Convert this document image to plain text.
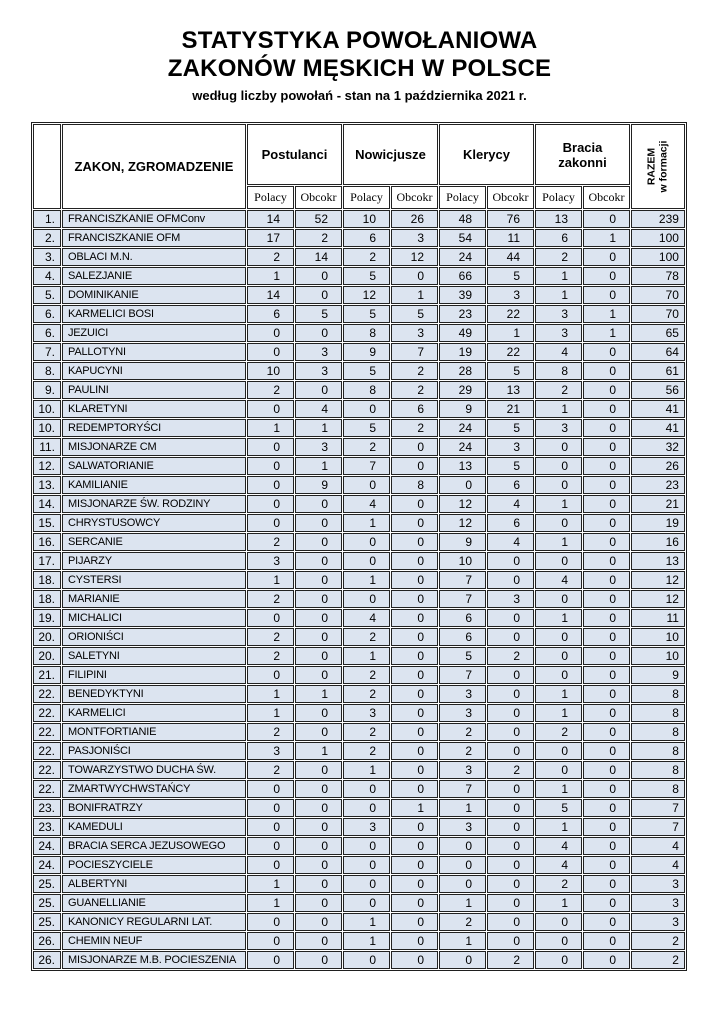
STATYSTYKA POWOŁANIOWA
ZAKONÓW MĘSKICH W POLSCE
według liczby powołań - stan na 1 października 2021 r.
	ZAKON, ZGROMADZENIE	Postulanci		Nowicjusze		Klerycy		Bracia zakonni		RAZEM w formacji

		Polacy	Obcokr	Polacy	Obcokr	Polacy	Obcokr	Polacy	Obcokr	
1.	FRANCISZKANIE OFMConv	14	52	10	26	48	76	13	0	239
2.	FRANCISZKANIE OFM	17	2	6	3	54	11	6	1	100
3.	OBLACI M.N.	2	14	2	12	24	44	2	0	100
4.	SALEZJANIE	1	0	5	0	66	5	1	0	78
5.	DOMINIKANIE	14	0	12	1	39	3	1	0	70
6.	KARMELICI BOSI	6	5	5	5	23	22	3	1	70
6.	JEZUICI	0	0	8	3	49	1	3	1	65
7.	PALLOTYNI	0	3	9	7	19	22	4	0	64
8.	KAPUCYNI	10	3	5	2	28	5	8	0	61
9.	PAULINI	2	0	8	2	29	13	2	0	56
10.	KLARETYNI	0	4	0	6	9	21	1	0	41
10.	REDEMPTORYŚCI	1	1	5	2	24	5	3	0	41
11.	MISJONARZE CM	0	3	2	0	24	3	0	0	32
12.	SALWATORIANIE	0	1	7	0	13	5	0	0	26
13.	KAMILIANIE	0	9	0	8	0	6	0	0	23
14.	MISJONARZE ŚW. RODZINY	0	0	4	0	12	4	1	0	21
15.	CHRYSTUSOWCY	0	0	1	0	12	6	0	0	19
16.	SERCANIE	2	0	0	0	9	4	1	0	16
17.	PIJARZY	3	0	0	0	10	0	0	0	13
18.	CYSTERSI	1	0	1	0	7	0	4	0	12
18.	MARIANIE	2	0	0	0	7	3	0	0	12
19.	MICHALICI	0	0	4	0	6	0	1	0	11
20.	ORIONIŚCI	2	0	2	0	6	0	0	0	10
20.	SALETYNI	2	0	1	0	5	2	0	0	10
21.	FILIPINI	0	0	2	0	7	0	0	0	9
22.	BENEDYKTYNI	1	1	2	0	3	0	1	0	8
22.	KARMELICI	1	0	3	0	3	0	1	0	8
22.	MONTFORTIANIE	2	0	2	0	2	0	2	0	8
22.	PASJONIŚCI	3	1	2	0	2	0	0	0	8
22.	TOWARZYSTWO DUCHA ŚW.	2	0	1	0	3	2	0	0	8
22.	ZMARTWYCHWSTAŃCY	0	0	0	0	7	0	1	0	8
23.	BONIFRATRZY	0	0	0	1	1	0	5	0	7
23.	KAMEDULI	0	0	3	0	3	0	1	0	7
24.	BRACIA SERCA JEZUSOWEGO	0	0	0	0	0	0	4	0	4
24.	POCIESZYCIELE	0	0	0	0	0	0	4	0	4
25.	ALBERTYNI	1	0	0	0	0	0	2	0	3
25.	GUANELLIANIE	1	0	0	0	1	0	1	0	3
25.	KANONICY REGULARNI LAT.	0	0	1	0	2	0	0	0	3
26.	CHEMIN NEUF	0	0	1	0	1	0	0	0	2
26.	MISJONARZE M.B. POCIESZENIA	0	0	0	0	0	2	0	0	2
